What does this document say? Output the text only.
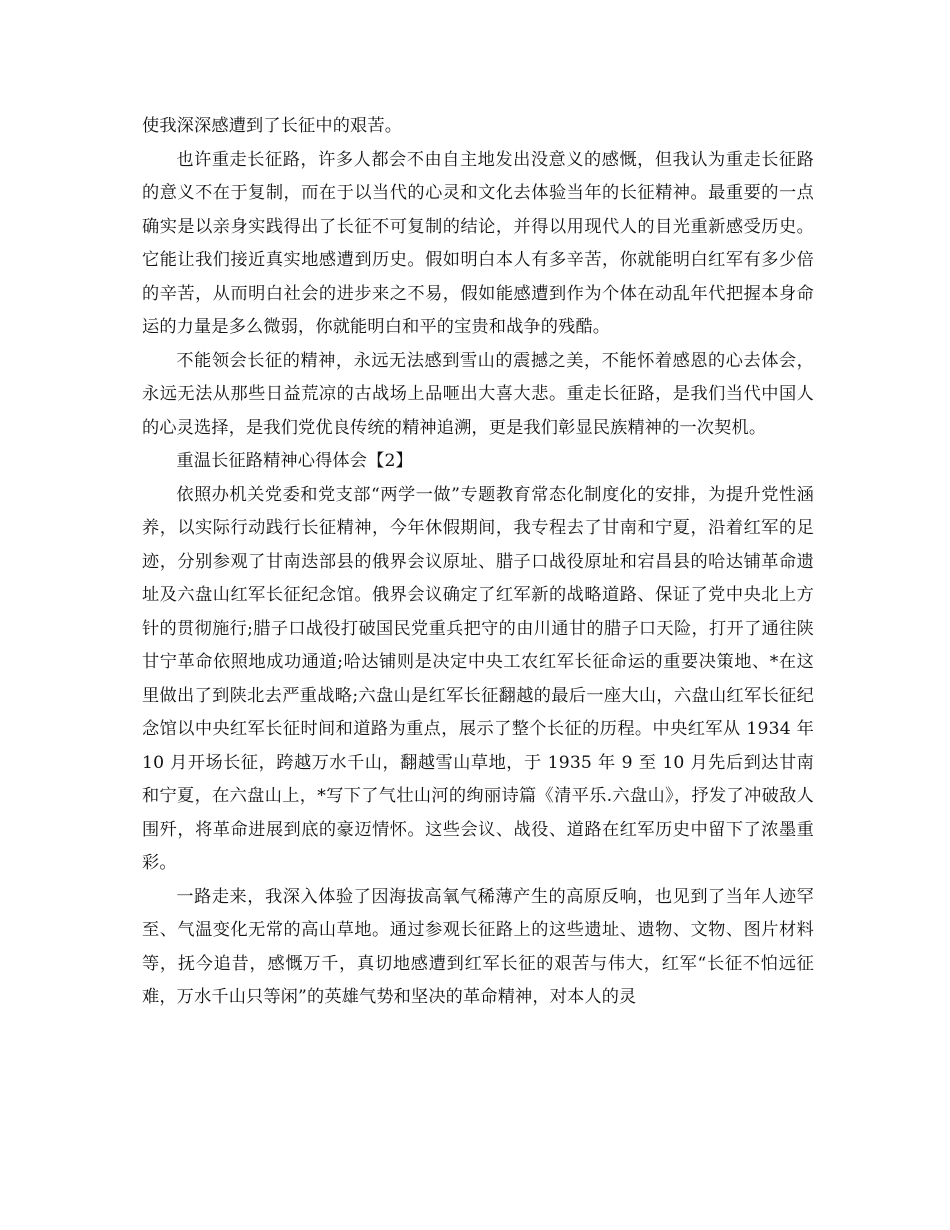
使我深深感遭到了长征中的艰苦。

也许重走长征路，许多人都会不由自主地发出没意义的感慨，但我认为重走长征路的意义不在于复制，而在于以当代的心灵和文化去体验当年的长征精神。最重要的一点确实是以亲身实践得出了长征不可复制的结论，并得以用现代人的目光重新感受历史。它能让我们接近真实地感遭到历史。假如明白本人有多辛苦，你就能明白红军有多少倍的辛苦，从而明白社会的进步来之不易，假如能感遭到作为个体在动乱年代把握本身命运的力量是多么微弱，你就能明白和平的宝贵和战争的残酷。

不能领会长征的精神，永远无法感到雪山的震撼之美，不能怀着感恩的心去体会，永远无法从那些日益荒凉的古战场上品咂出大喜大悲。重走长征路，是我们当代中国人的心灵选择，是我们党优良传统的精神追溯，更是我们彰显民族精神的一次契机。

重温长征路精神心得体会【2】

依照办机关党委和党支部“两学一做”专题教育常态化制度化的安排，为提升党性涵养，以实际行动践行长征精神，今年休假期间，我专程去了甘南和宁夏，沿着红军的足迹，分别参观了甘南迭部县的俄界会议原址、腊子口战役原址和宕昌县的哈达铺革命遗址及六盘山红军长征纪念馆。俄界会议确定了红军新的战略道路、保证了党中央北上方针的贯彻施行;腊子口战役打破国民党重兵把守的由川通甘的腊子口天险，打开了通往陕甘宁革命依照地成功通道;哈达铺则是决定中央工农红军长征命运的重要决策地、*在这里做出了到陕北去严重战略;六盘山是红军长征翻越的最后一座大山，六盘山红军长征纪念馆以中央红军长征时间和道路为重点，展示了整个长征的历程。中央红军从 1934 年 10 月开场长征，跨越万水千山，翻越雪山草地，于 1935 年 9 至 10 月先后到达甘南和宁夏，在六盘山上，*写下了气壮山河的绚丽诗篇《清平乐.六盘山》，抒发了冲破敌人围歼，将革命进展到底的豪迈情怀。这些会议、战役、道路在红军历史中留下了浓墨重彩。

一路走来，我深入体验了因海拔高氧气稀薄产生的高原反响，也见到了当年人迹罕至、气温变化无常的高山草地。通过参观长征路上的这些遗址、遗物、文物、图片材料等，抚今追昔，感慨万千，真切地感遭到红军长征的艰苦与伟大，红军“长征不怕远征难，万水千山只等闲”的英雄气势和坚决的革命精神，对本人的灵
